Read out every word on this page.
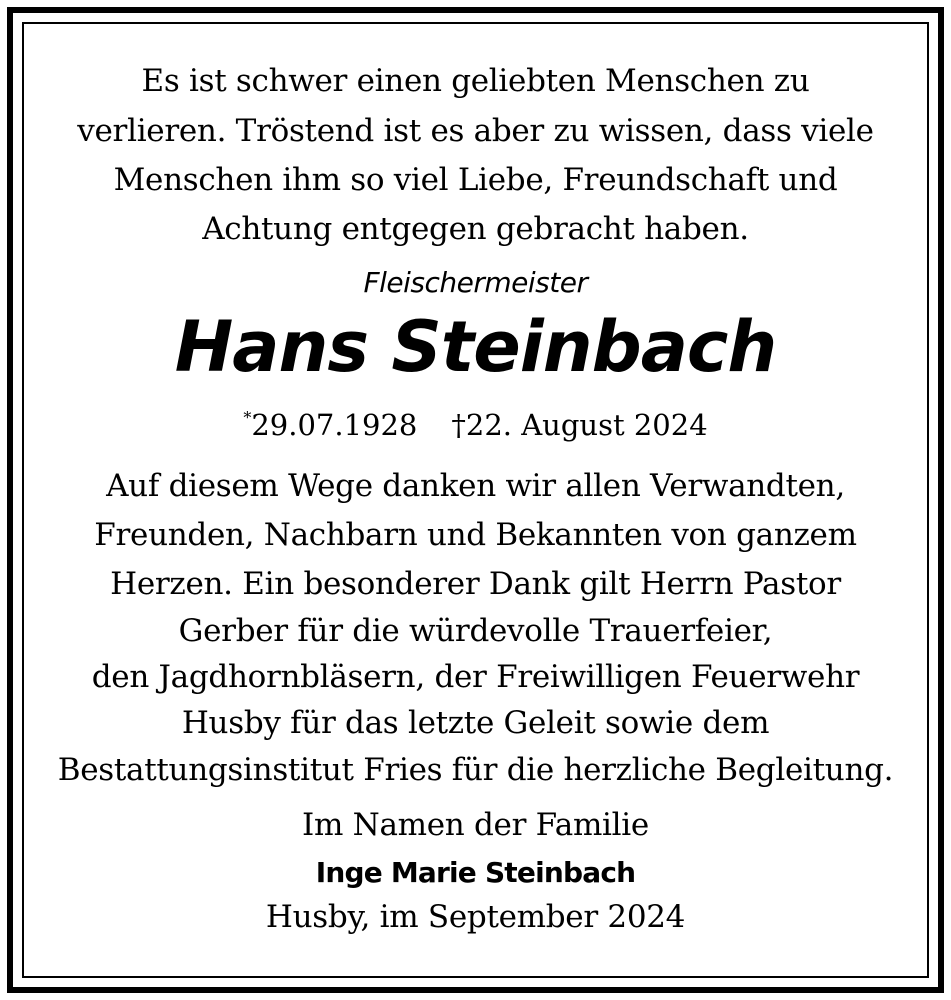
Es ist schwer einen geliebten Menschen zu
verlieren. Tröstend ist es aber zu wissen, dass viele
Menschen ihm so viel Liebe, Freundschaft und
Achtung entgegen gebracht haben.
Fleischermeister
Hans Steinbach
*29.07.1928 †22. August 2024
Auf diesem Wege danken wir allen Verwandten,
Freunden, Nachbarn und Bekannten von ganzem
Herzen. Ein besonderer Dank gilt Herrn Pastor
Gerber für die würdevolle Trauerfeier,
den Jagdhornbläsern, der Freiwilligen Feuerwehr
Husby für das letzte Geleit sowie dem
Bestattungsinstitut Fries für die herzliche Begleitung.
Im Namen der Familie
Inge Marie Steinbach
Husby, im September 2024
